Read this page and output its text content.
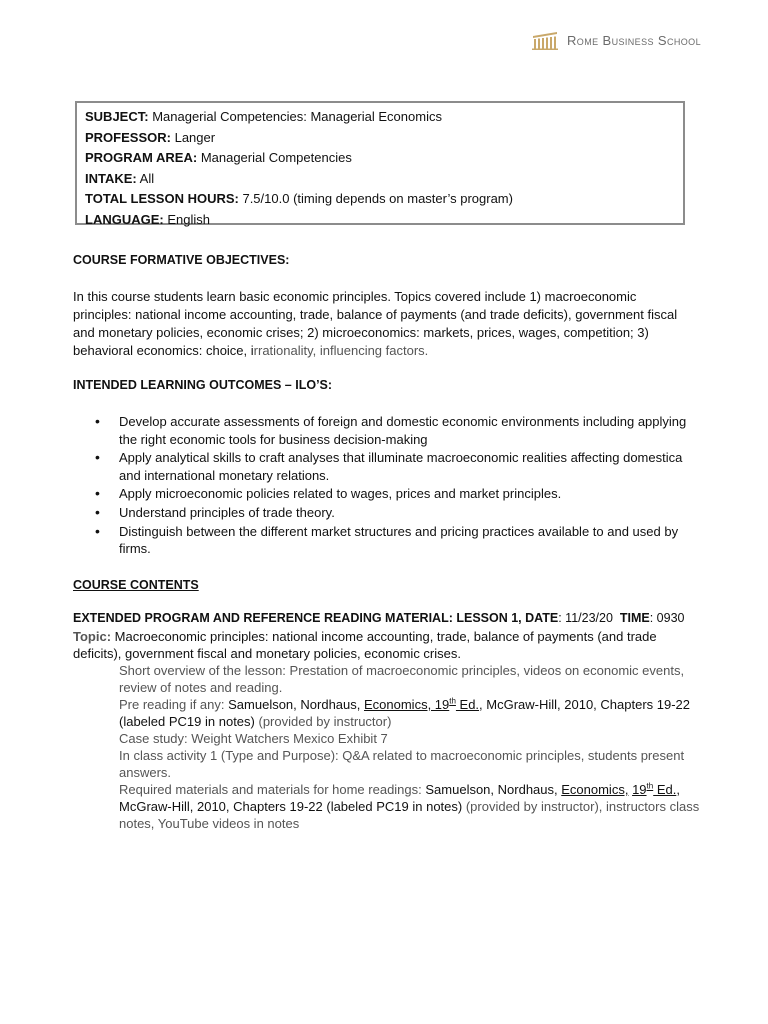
Rome Business School
SUBJECT: Managerial Competencies: Managerial Economics
PROFESSOR: Langer
PROGRAM AREA: Managerial Competencies
INTAKE: All
TOTAL LESSON HOURS: 7.5/10.0 (timing depends on master’s program)
LANGUAGE: English
COURSE FORMATIVE OBJECTIVES:
In this course students learn basic economic principles. Topics covered include 1) macroeconomic principles: national income accounting, trade, balance of payments (and trade deficits), government fiscal and monetary policies, economic crises; 2) microeconomics: markets, prices, wages, competition; 3) behavioral economics: choice, irrationality, influencing factors.
INTENDED LEARNING OUTCOMES – ILO’S:
• Develop accurate assessments of foreign and domestic economic environments including applying the right economic tools for business decision-making
• Apply analytical skills to craft analyses that illuminate macroeconomic realities affecting domestica and international monetary relations.
• Apply microeconomic policies related to wages, prices and market principles.
• Understand principles of trade theory.
• Distinguish between the different market structures and pricing practices available to and used by firms.
COURSE CONTENTS
EXTENDED PROGRAM AND REFERENCE READING MATERIAL: LESSON 1, DATE: 11/23/20 TIME: 0930
Topic: Macroeconomic principles: national income accounting, trade, balance of payments (and trade deficits), government fiscal and monetary policies, economic crises.

Short overview of the lesson: Prestation of macroeconomic principles, videos on economic events, review of notes and reading.

Pre reading if any: Samuelson, Nordhaus, Economics, 19th Ed., McGraw-Hill, 2010, Chapters 19-22 (labeled PC19 in notes) (provided by instructor)

Case study: Weight Watchers Mexico Exhibit 7

In class activity 1 (Type and Purpose): Q&A related to macroeconomic principles, students present answers.

Required materials and materials for home readings: Samuelson, Nordhaus, Economics, 19th Ed., McGraw-Hill, 2010, Chapters 19-22 (labeled PC19 in notes) (provided by instructor), instructors class notes, YouTube videos in notes
